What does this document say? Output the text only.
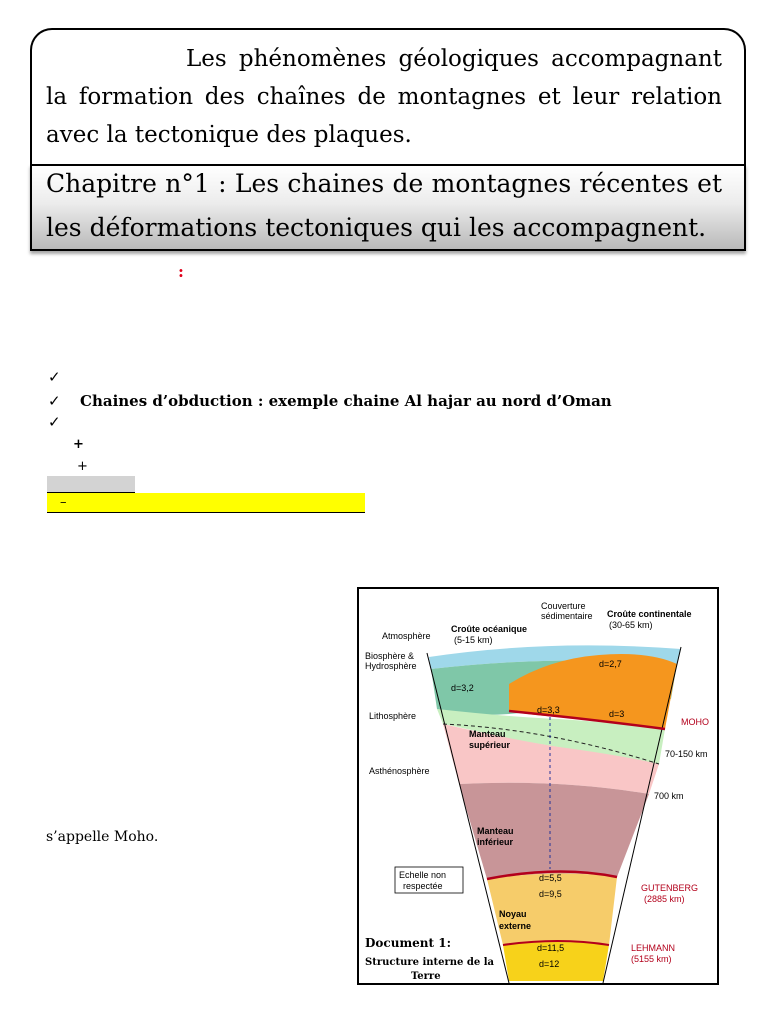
Les phénomènes géologiques accompagnant la formation des chaînes de montagnes et leur relation avec la tectonique des plaques.
Chapitre n°1 : Les chaines de montagnes récentes et les déformations tectoniques qui les accompagnent.
:
✓
✓ Chaines d’obduction : exemple chaine Al hajar au nord d’Oman
✓
+
+
–
s’appelle Moho.
Atmosphère
Biosphère &
Hydrosphère
Lithosphère
Asthénosphère
Couverture
sédimentaire
Croûte océanique
(5-15 km)
Croûte continentale
(30-65 km)
d=2,7
d=3,2
d=3,3	d=3
MOHO
70-150 km
700 km
GUTENBERG
(2885 km)
LEHMANN
(5155 km)
Manteau
supérieur
Manteau
inférieur
d=5,5
d=9,5
Noyau
externe
d=11,5
d=12
Echelle non
respectée
Document 1:
Structure interne de la
Terre
